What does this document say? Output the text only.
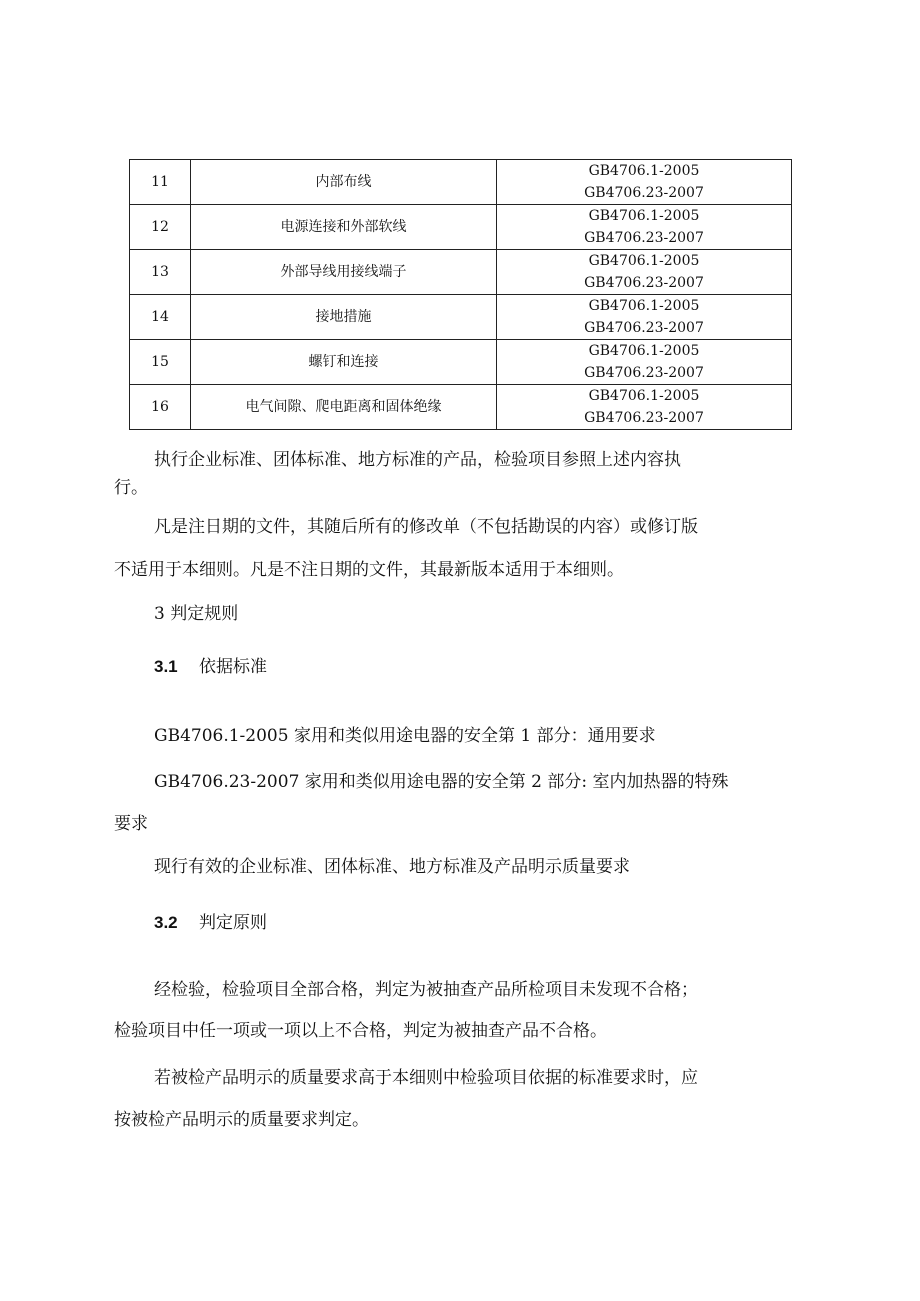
11	内部布线	GB4706.1-2005
GB4706.23-2007

12	电源连接和外部软线	GB4706.1-2005
GB4706.23-2007

13	外部导线用接线端子	GB4706.1-2005
GB4706.23-2007

14	接地措施	GB4706.1-2005
GB4706.23-2007

15	螺钉和连接	GB4706.1-2005
GB4706.23-2007

16	电气间隙、爬电距离和固体绝缘	GB4706.1-2005
GB4706.23-2007

执行企业标准、团体标准、地方标准的产品，检验项目参照上述内容执

行。

凡是注日期的文件，其随后所有的修改单（不包括勘误的内容）或修订版

不适用于本细则。凡是不注日期的文件，其最新版本适用于本细则。

3 判定规则

3.1 依据标准

GB4706.1-2005 家用和类似用途电器的安全第 1 部分：通用要求

GB4706.23-2007 家用和类似用途电器的安全第 2 部分: 室内加热器的特殊

要求

现行有效的企业标准、团体标准、地方标准及产品明示质量要求

3.2 判定原则

经检验，检验项目全部合格，判定为被抽查产品所检项目未发现不合格；

检验项目中任一项或一项以上不合格，判定为被抽查产品不合格。

若被检产品明示的质量要求高于本细则中检验项目依据的标准要求时，应

按被检产品明示的质量要求判定。
